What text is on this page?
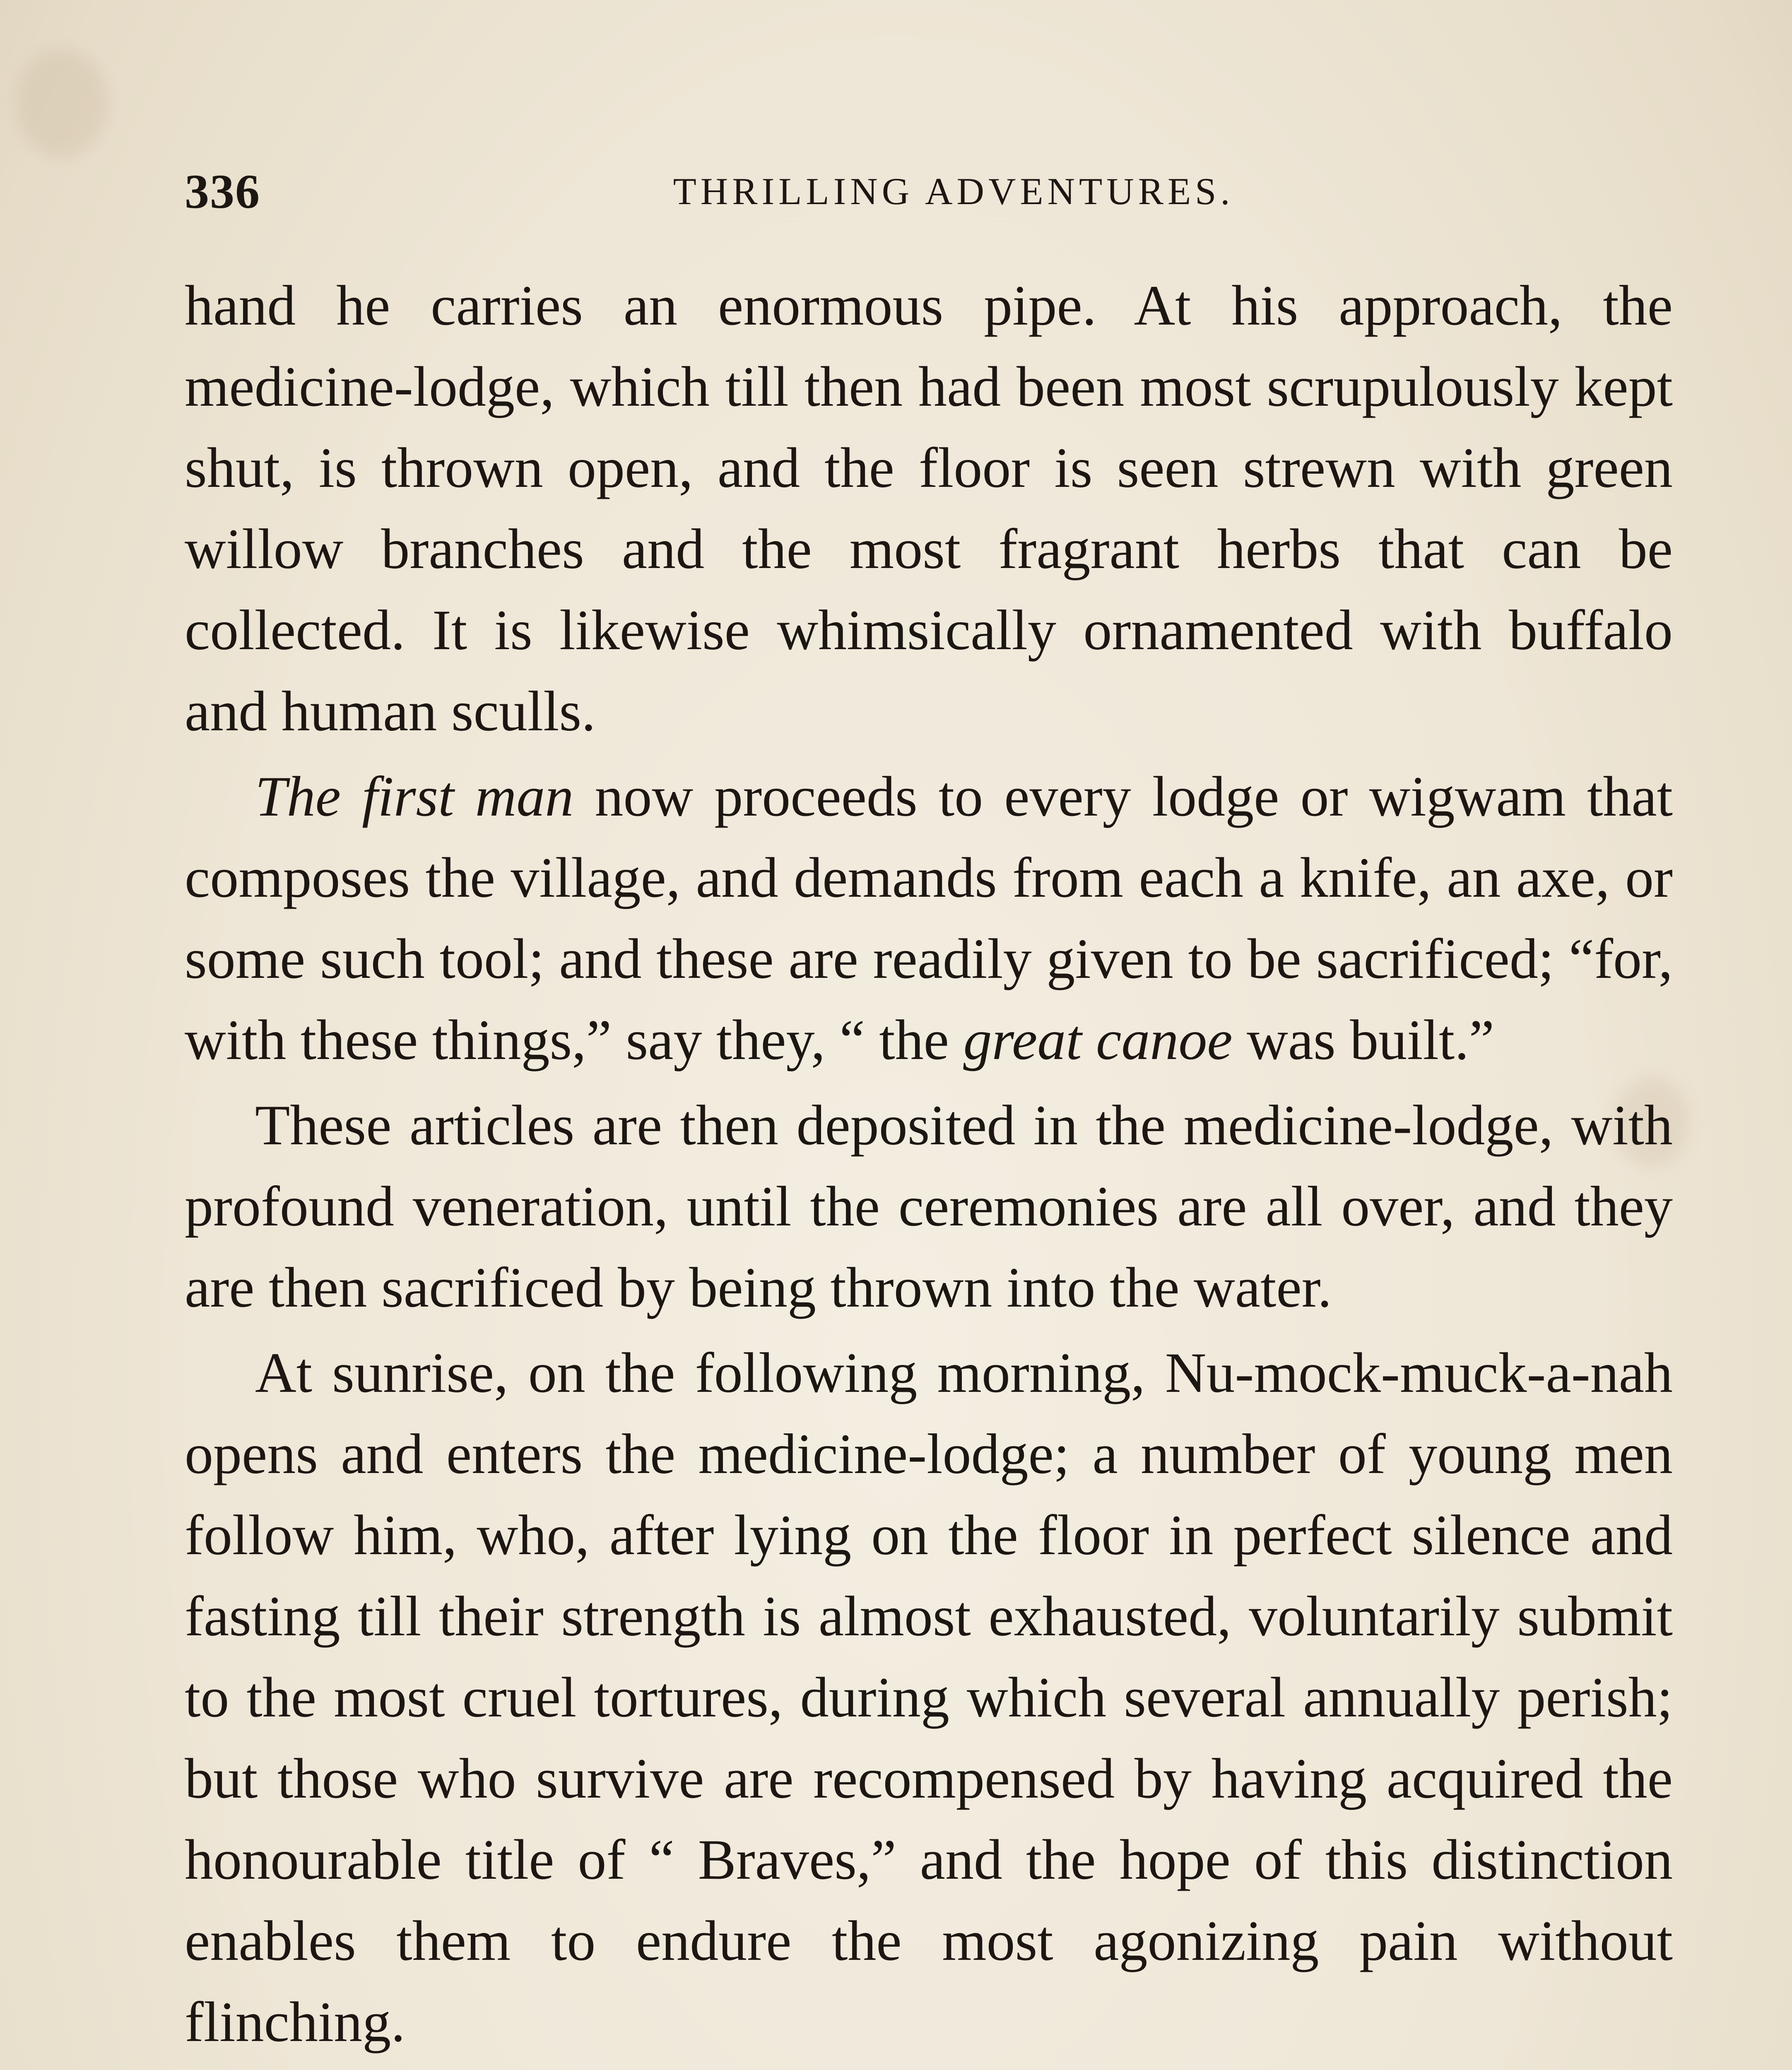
336	THRILLING ADVENTURES.

hand he carries an enormous pipe. At his approach, the medicine-lodge, which till then had been most scrupulously kept shut, is thrown open, and the floor is seen strewn with green willow branches and the most fragrant herbs that can be collected. It is likewise whimsically ornamented with buffalo and human sculls.

The first man now proceeds to every lodge or wigwam that composes the village, and demands from each a knife, an axe, or some such tool; and these are readily given to be sacrificed; “for, with these things,” say they, “ the great canoe was built.”

These articles are then deposited in the medicine-lodge, with profound veneration, until the ceremonies are all over, and they are then sacrificed by being thrown into the water.

At sunrise, on the following morning, Nu-mock-muck-a-nah opens and enters the medicine-lodge; a number of young men follow him, who, after lying on the floor in perfect silence and fasting till their strength is almost exhausted, voluntarily submit to the most cruel tortures, during which several annually perish; but those who survive are recompensed by having acquired the honourable title of “ Braves,” and the hope of this distinction enables them to endure the most agonizing pain without flinching.
